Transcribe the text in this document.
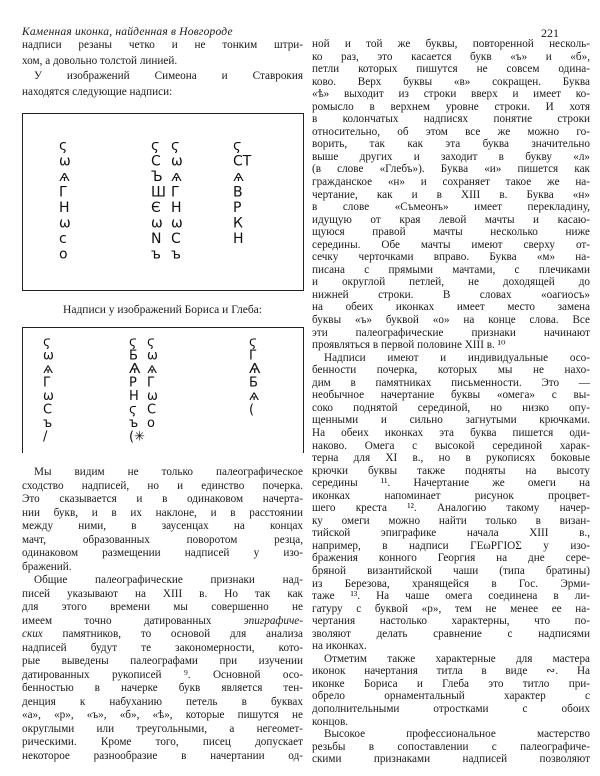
Каменная иконка, найденная в Новгороде	221
надписи резаны четко и не тонким штри-
хом, а довольно толстой линией.
У изображений Симеона и Ставрокия
находятся следующие надписи:
ς
ω
ѧ
Г
Н
ω
ϲ
о
ϛ
С
Ъ
Ш
Є
ω
N
ъ
ϛ
ω
ѧ
Г
Н
ω
С
ъ
ϛ
СТ
ѧ
В
Р
К
Н
Надписи у изображений Бориса и Глеба:
ϛ
ω
ѧ
Г
ω
С
ъ
/
ϛ
Б
Ѧ
Р
Н
ϛ
ъ
(✳
ϛ
ω
ѧ
Г
ω
С
о
ϛ
Г
Ѧ
Б
ѧ
(
Мы видим не только палеографическое
сходство надписей, но и единство почерка.
Это сказывается и в одинаковом начерта-
нии букв, и в их наклоне, и в расстоянии
между ними, в заусенцах на концах
мачт, образованных поворотом резца,
одинаковом размещении надписей у изо-
бражений.
Общие палеографические признаки над-
писей указывают на XIII в. Но так как
для этого времени мы совершенно не
имеем точно датированных эпиграфиче-
ских памятников, то основой для анализа
надписей будут те закономерности, кото-
рые выведены палеографами при изучении
датированных рукописей ⁹. Основной осо-
бенностью в начерке букв является тен-
денция к набуханию петель в буквах
«а», «р», «ъ», «б», «ѣ», которые пишутся не
округлыми или треугольными, а негеомет-
рическими. Кроме того, писец допускает
некоторое разнообразие в начертании од-
ной и той же буквы, повторенной несколь-
ко раз, это касается букв «ъ» и «б»,
петли которых пишутся не совсем одина-
ково. Верх буквы «в» сокращен. Буква
«ѣ» выходит из строки вверх и имеет ко-
ромысло в верхнем уровне строки. И хотя
в колончатых надписях понятие строки
относительно, об этом все же можно го-
ворить, так как эта буква значительно
выше других и заходит в букву «л»
(в слове «Глебъ»). Буква «и» пишется как
гражданское «н» и сохраняет такое же на-
чертание, как и в XIII в. Буква «н»
в слове «Съмеонъ» имеет перекладину,
идущую от края левой мачты и касаю-
щуюся правой мачты несколько ниже
середины. Обе мачты имеют сверху от-
сечку черточками вправо. Буква «м» на-
писана с прямыми мачтами, с плечиками
и округлой петлей, не доходящей до
нижней строки. В словах «оагиосъ»
на обеих иконках имеет место замена
буквы «ъ» буквой «о» на конце слова. Все
эти палеографические признаки начинают
проявляться в первой половине XIII в. ¹⁰
Надписи имеют и индивидуальные осо-
бенности почерка, которых мы не нахо-
дим в памятниках письменности. Это —
необычное начертание буквы «омега» с вы-
соко поднятой серединой, но низко опу-
щенными и сильно загнутыми крючками.
На обеих иконках эта буква пишется оди-
наково. Омега с высокой серединой харак-
терна для XI в., но в рукописях боковые
крючки буквы также подняты на высоту
середины ¹¹. Начертание же омеги на
иконках напоминает рисунок процвет-
шего креста ¹². Аналогию такому начер-
ку омеги можно найти только в визан-
тийской эпиграфике начала XIII в.,
например, в надписи ΓΕωΡΓΙΟΣ у изо-
бражения конного Георгия на дне сере-
бряной византийской чаши (типа братины)
из Березова, хранящейся в Гос. Эрми-
таже ¹³. На чаше омега соединена в ли-
гатуру с буквой «р», тем не менее ее на-
чертания настолько характерны, что по-
зволяют делать сравнение с надписями
на иконках.
Отметим также характерные для мастера
иконок начертания титла в виде ∾. На
иконке Бориса и Глеба это титло при-
обрело орнаментальный характер с
дополнительными отростками с обоих
концов.
Высокое профессиональное мастерство
резьбы в сопоставлении с палеографиче-
скими признаками надписей позволяют
